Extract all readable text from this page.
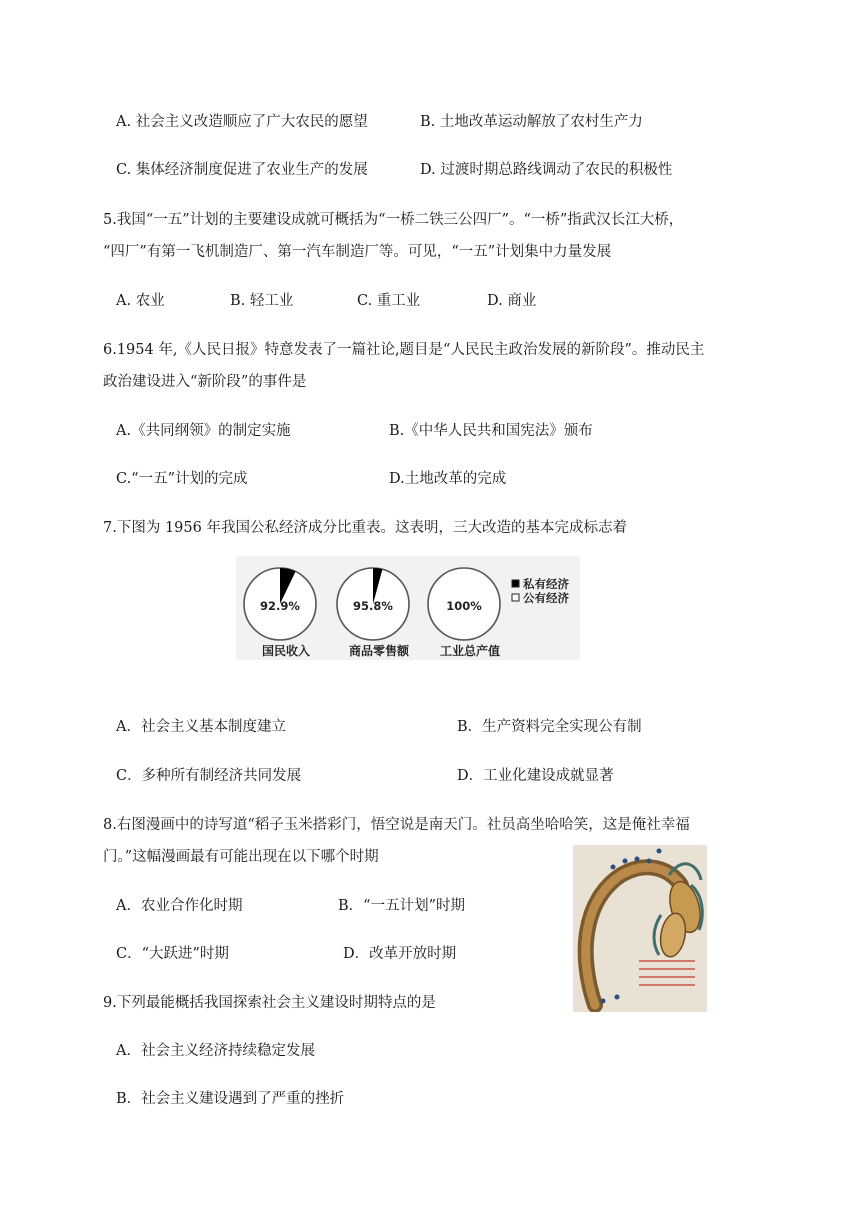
A. 社会主义改造顺应了广大农民的愿望	B. 土地改革运动解放了农村生产力
C. 集体经济制度促进了农业生产的发展	D. 过渡时期总路线调动了农民的积极性
5.我国“一五”计划的主要建设成就可概括为“一桥二铁三公四厂”。“一桥”指武汉长江大桥，
“四厂”有第一飞机制造厂、第一汽车制造厂等。可见，“一五”计划集中力量发展
A. 农业	B. 轻工业	C. 重工业	D. 商业
6.1954 年,《人民日报》特意发表了一篇社论,题目是“人民民主政治发展的新阶段”。推动民主
政治建设进入“新阶段”的事件是
A.《共同纲领》的制定实施	B.《中华人民共和国宪法》颁布
C.“一五”计划的完成	D.土地改革的完成
7.下图为 1956 年我国公私经济成分比重表。这表明，三大改造的基本完成标志着
92.9%
国民收入
95.8%
商品零售额
100%
工业总产值
私有经济
公有经济
A．社会主义基本制度建立	B．生产资料完全实现公有制
C．多种所有制经济共同发展	D．工业化建设成就显著
8.右图漫画中的诗写道“稻子玉米搭彩门，悟空说是南天门。社员高坐哈哈笑，这是俺社幸福
门。”这幅漫画最有可能出现在以下哪个时期
A．农业合作化时期	B．“一五计划”时期
C．“大跃进”时期	D．改革开放时期
9.下列最能概括我国探索社会主义建设时期特点的是
A．社会主义经济持续稳定发展
B．社会主义建设遇到了严重的挫折
